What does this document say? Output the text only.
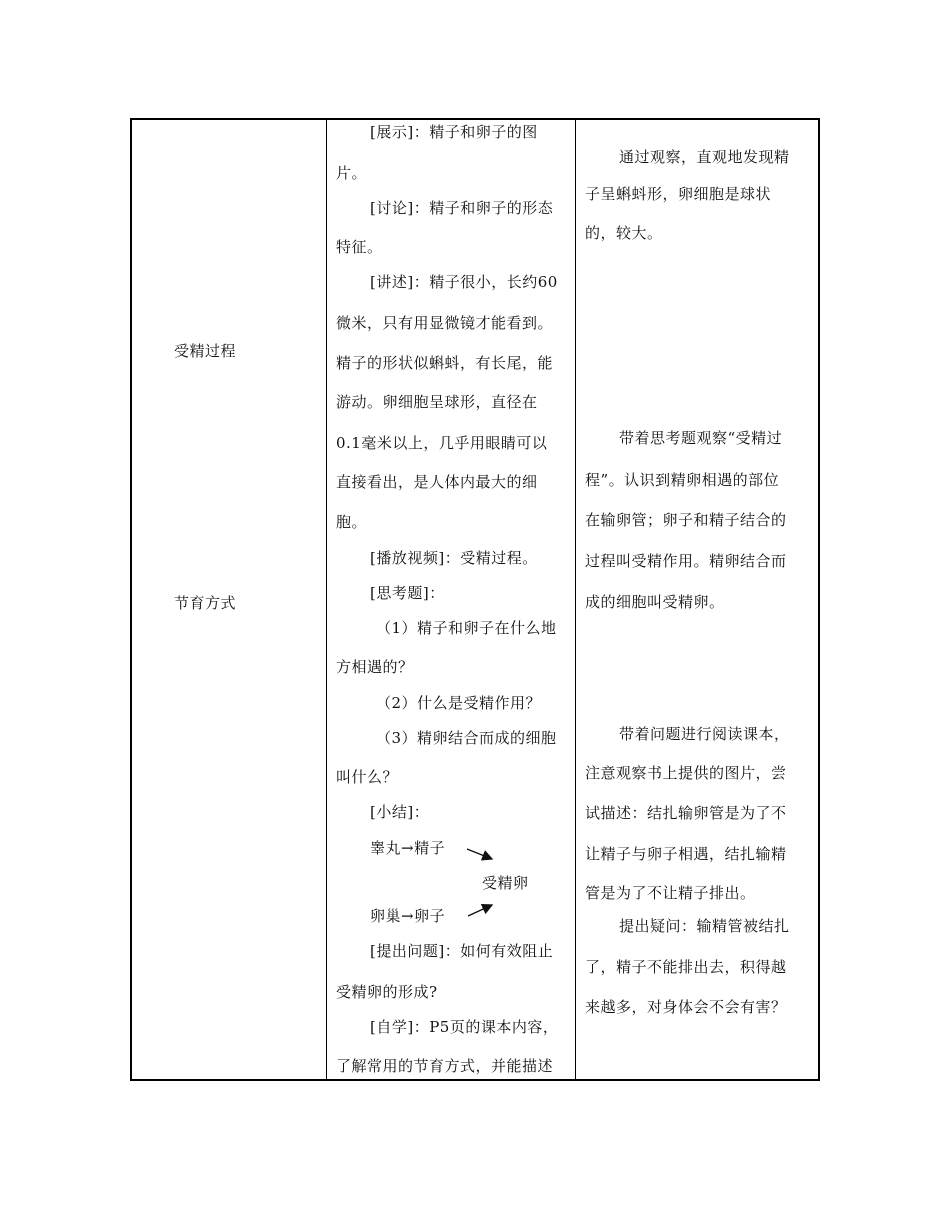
受精过程
节育方式
[展示]：精子和卵子的图
片。
[讨论]：精子和卵子的形态
特征。
[讲述]：精子很小，长约60
微米，只有用显微镜才能看到。
精子的形状似蝌蚪，有长尾，能
游动。卵细胞呈球形，直径在
0.1毫米以上，几乎用眼睛可以
直接看出，是人体内最大的细
胞。
[播放视频]：受精过程。
[思考题]：
（1）精子和卵子在什么地
方相遇的？
（2）什么是受精作用？
（3）精卵结合而成的细胞
叫什么？
[小结]：
睾丸→精子
受精卵
卵巢→卵子
[提出问题]：如何有效阻止
受精卵的形成?
[自学]：P5页的课本内容，
了解常用的节育方式，并能描述
通过观察，直观地发现精
子呈蝌蚪形，卵细胞是球状
的，较大。
带着思考题观察“受精过
程”。认识到精卵相遇的部位
在输卵管；卵子和精子结合的
过程叫受精作用。精卵结合而
成的细胞叫受精卵。
带着问题进行阅读课本，
注意观察书上提供的图片，尝
试描述：结扎输卵管是为了不
让精子与卵子相遇，结扎输精
管是为了不让精子排出。
提出疑问：输精管被结扎
了，精子不能排出去，积得越
来越多，对身体会不会有害？
